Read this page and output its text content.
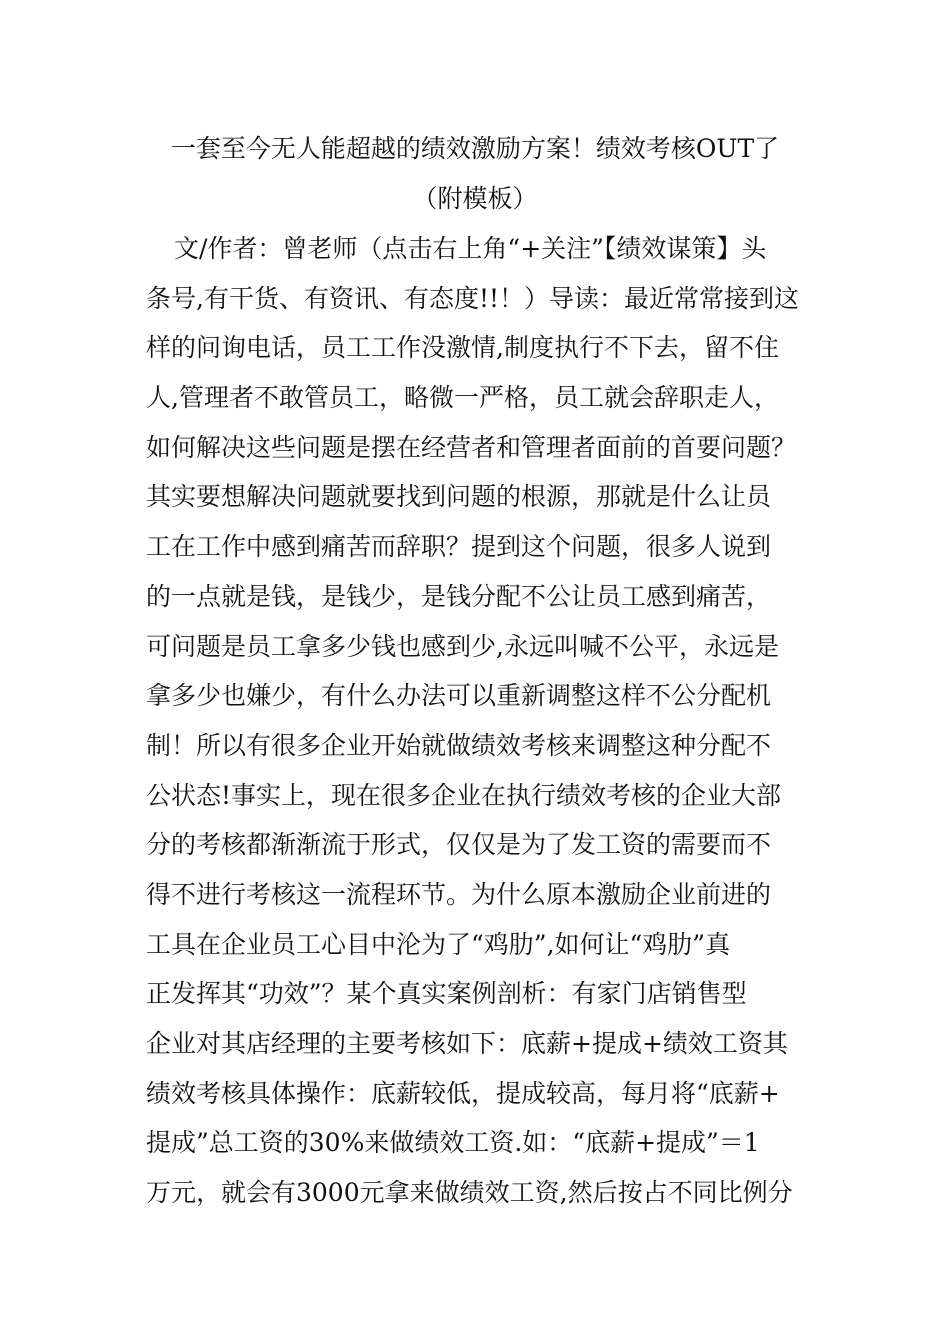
一套至今无人能超越的绩效激励方案！绩效考核OUT了
（附模板）
文/作者：曾老师（点击右上角“+关注”【绩效谋策】头
条号,有干货、有资讯、有态度!!！）导读：最近常常接到这
样的问询电话，员工工作没激情,制度执行不下去，留不住
人,管理者不敢管员工，略微一严格，员工就会辞职走人，
如何解决这些问题是摆在经营者和管理者面前的首要问题？
其实要想解决问题就要找到问题的根源，那就是什么让员
工在工作中感到痛苦而辞职？提到这个问题，很多人说到
的一点就是钱，是钱少，是钱分配不公让员工感到痛苦，
可问题是员工拿多少钱也感到少,永远叫喊不公平，永远是
拿多少也嫌少，有什么办法可以重新调整这样不公分配机
制！所以有很多企业开始就做绩效考核来调整这种分配不
公状态!事实上，现在很多企业在执行绩效考核的企业大部
分的考核都渐渐流于形式，仅仅是为了发工资的需要而不
得不进行考核这一流程环节。为什么原本激励企业前进的
工具在企业员工心目中沦为了“鸡肋”,如何让“鸡肋”真
正发挥其“功效”？某个真实案例剖析：有家门店销售型
企业对其店经理的主要考核如下：底薪+提成+绩效工资其
绩效考核具体操作：底薪较低，提成较高，每月将“底薪+
提成”总工资的30%来做绩效工资.如：“底薪+提成”＝1
万元，就会有3000元拿来做绩效工资,然后按占不同比例分
